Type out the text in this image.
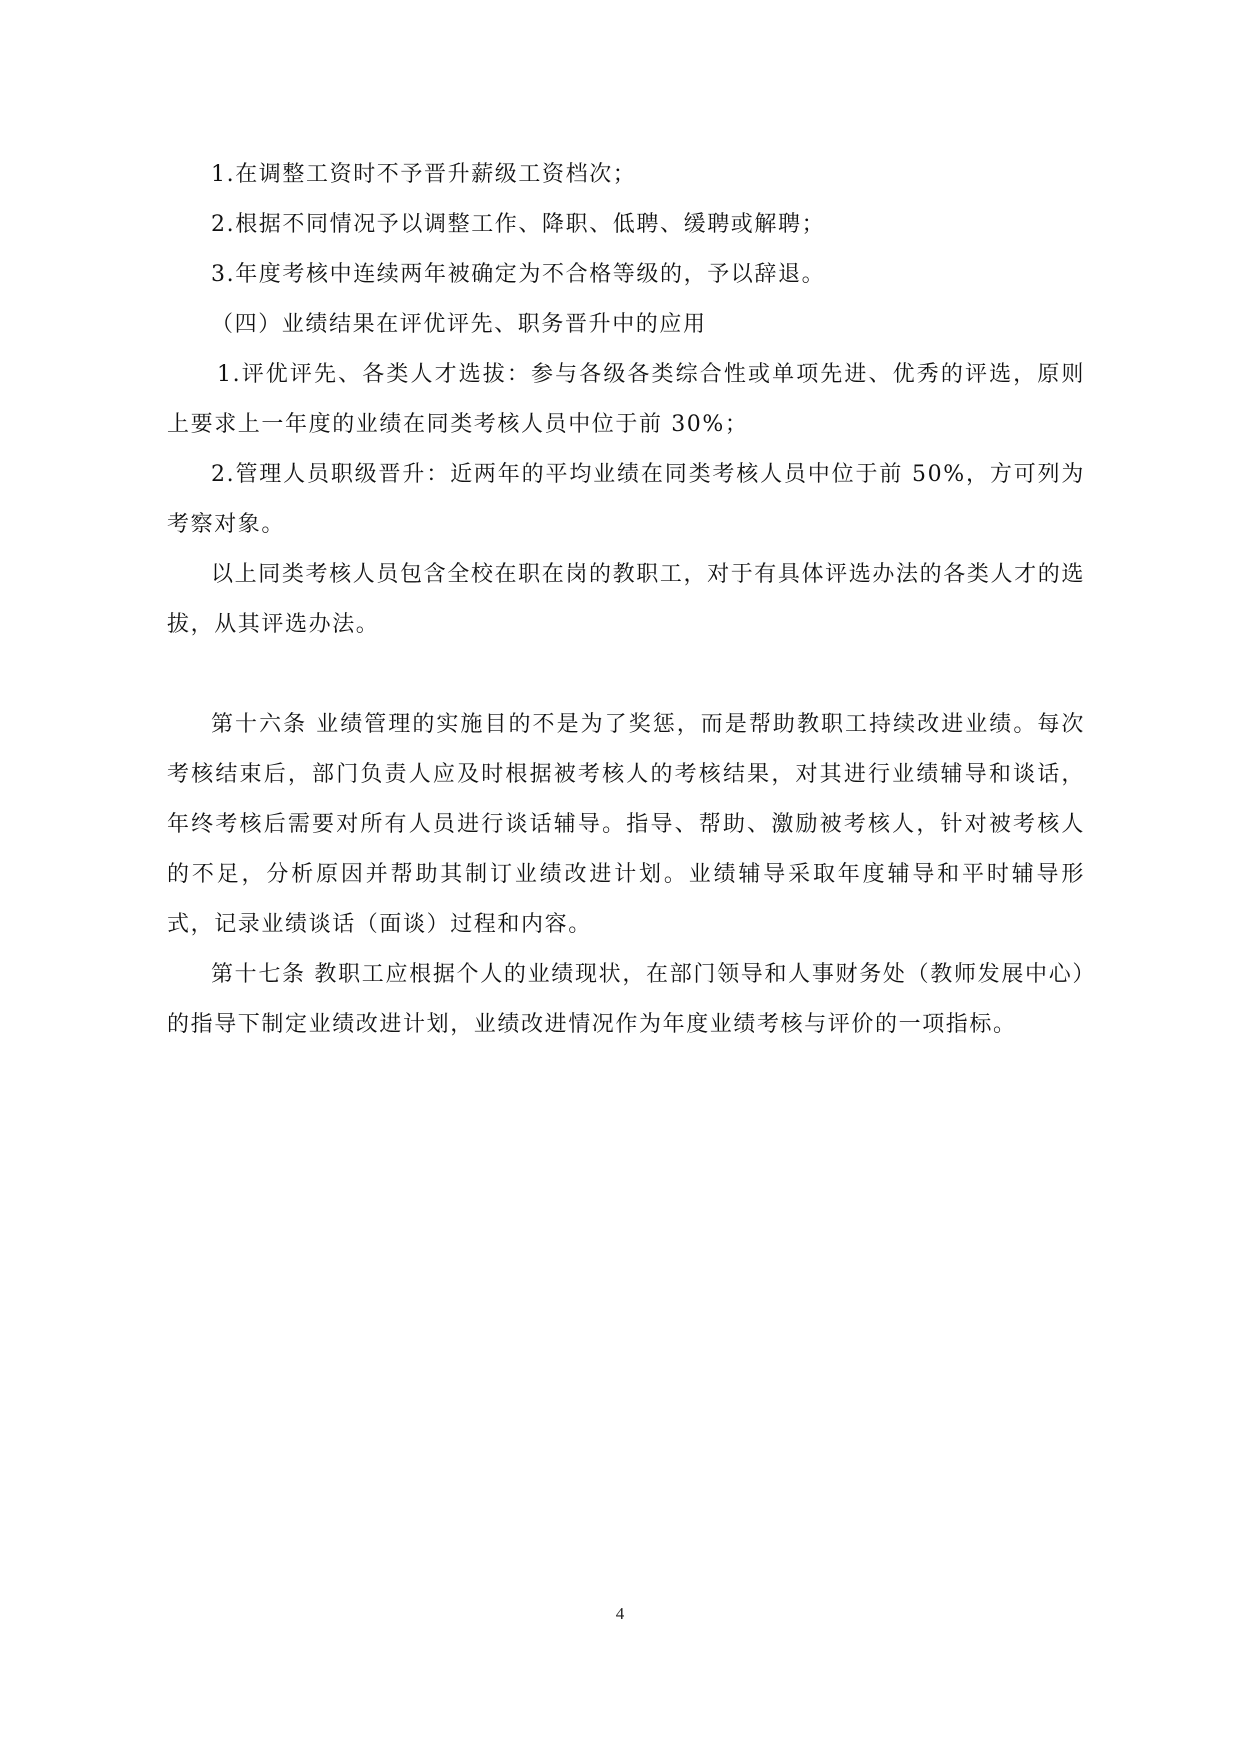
1.在调整工资时不予晋升薪级工资档次；

2.根据不同情况予以调整工作、降职、低聘、缓聘或解聘；

3.年度考核中连续两年被确定为不合格等级的，予以辞退。

（四）业绩结果在评优评先、职务晋升中的应用

1.评优评先、各类人才选拔：参与各级各类综合性或单项先进、优秀的评选，原则上要求上一年度的业绩在同类考核人员中位于前 30%；

2.管理人员职级晋升：近两年的平均业绩在同类考核人员中位于前 50%，方可列为考察对象。

以上同类考核人员包含全校在职在岗的教职工，对于有具体评选办法的各类人才的选拔，从其评选办法。

第十六条 业绩管理的实施目的不是为了奖惩，而是帮助教职工持续改进业绩。每次考核结束后，部门负责人应及时根据被考核人的考核结果，对其进行业绩辅导和谈话，年终考核后需要对所有人员进行谈话辅导。指导、帮助、激励被考核人，针对被考核人的不足，分析原因并帮助其制订业绩改进计划。业绩辅导采取年度辅导和平时辅导形式，记录业绩谈话（面谈）过程和内容。

第十七条 教职工应根据个人的业绩现状，在部门领导和人事财务处（教师发展中心）的指导下制定业绩改进计划，业绩改进情况作为年度业绩考核与评价的一项指标。

4
